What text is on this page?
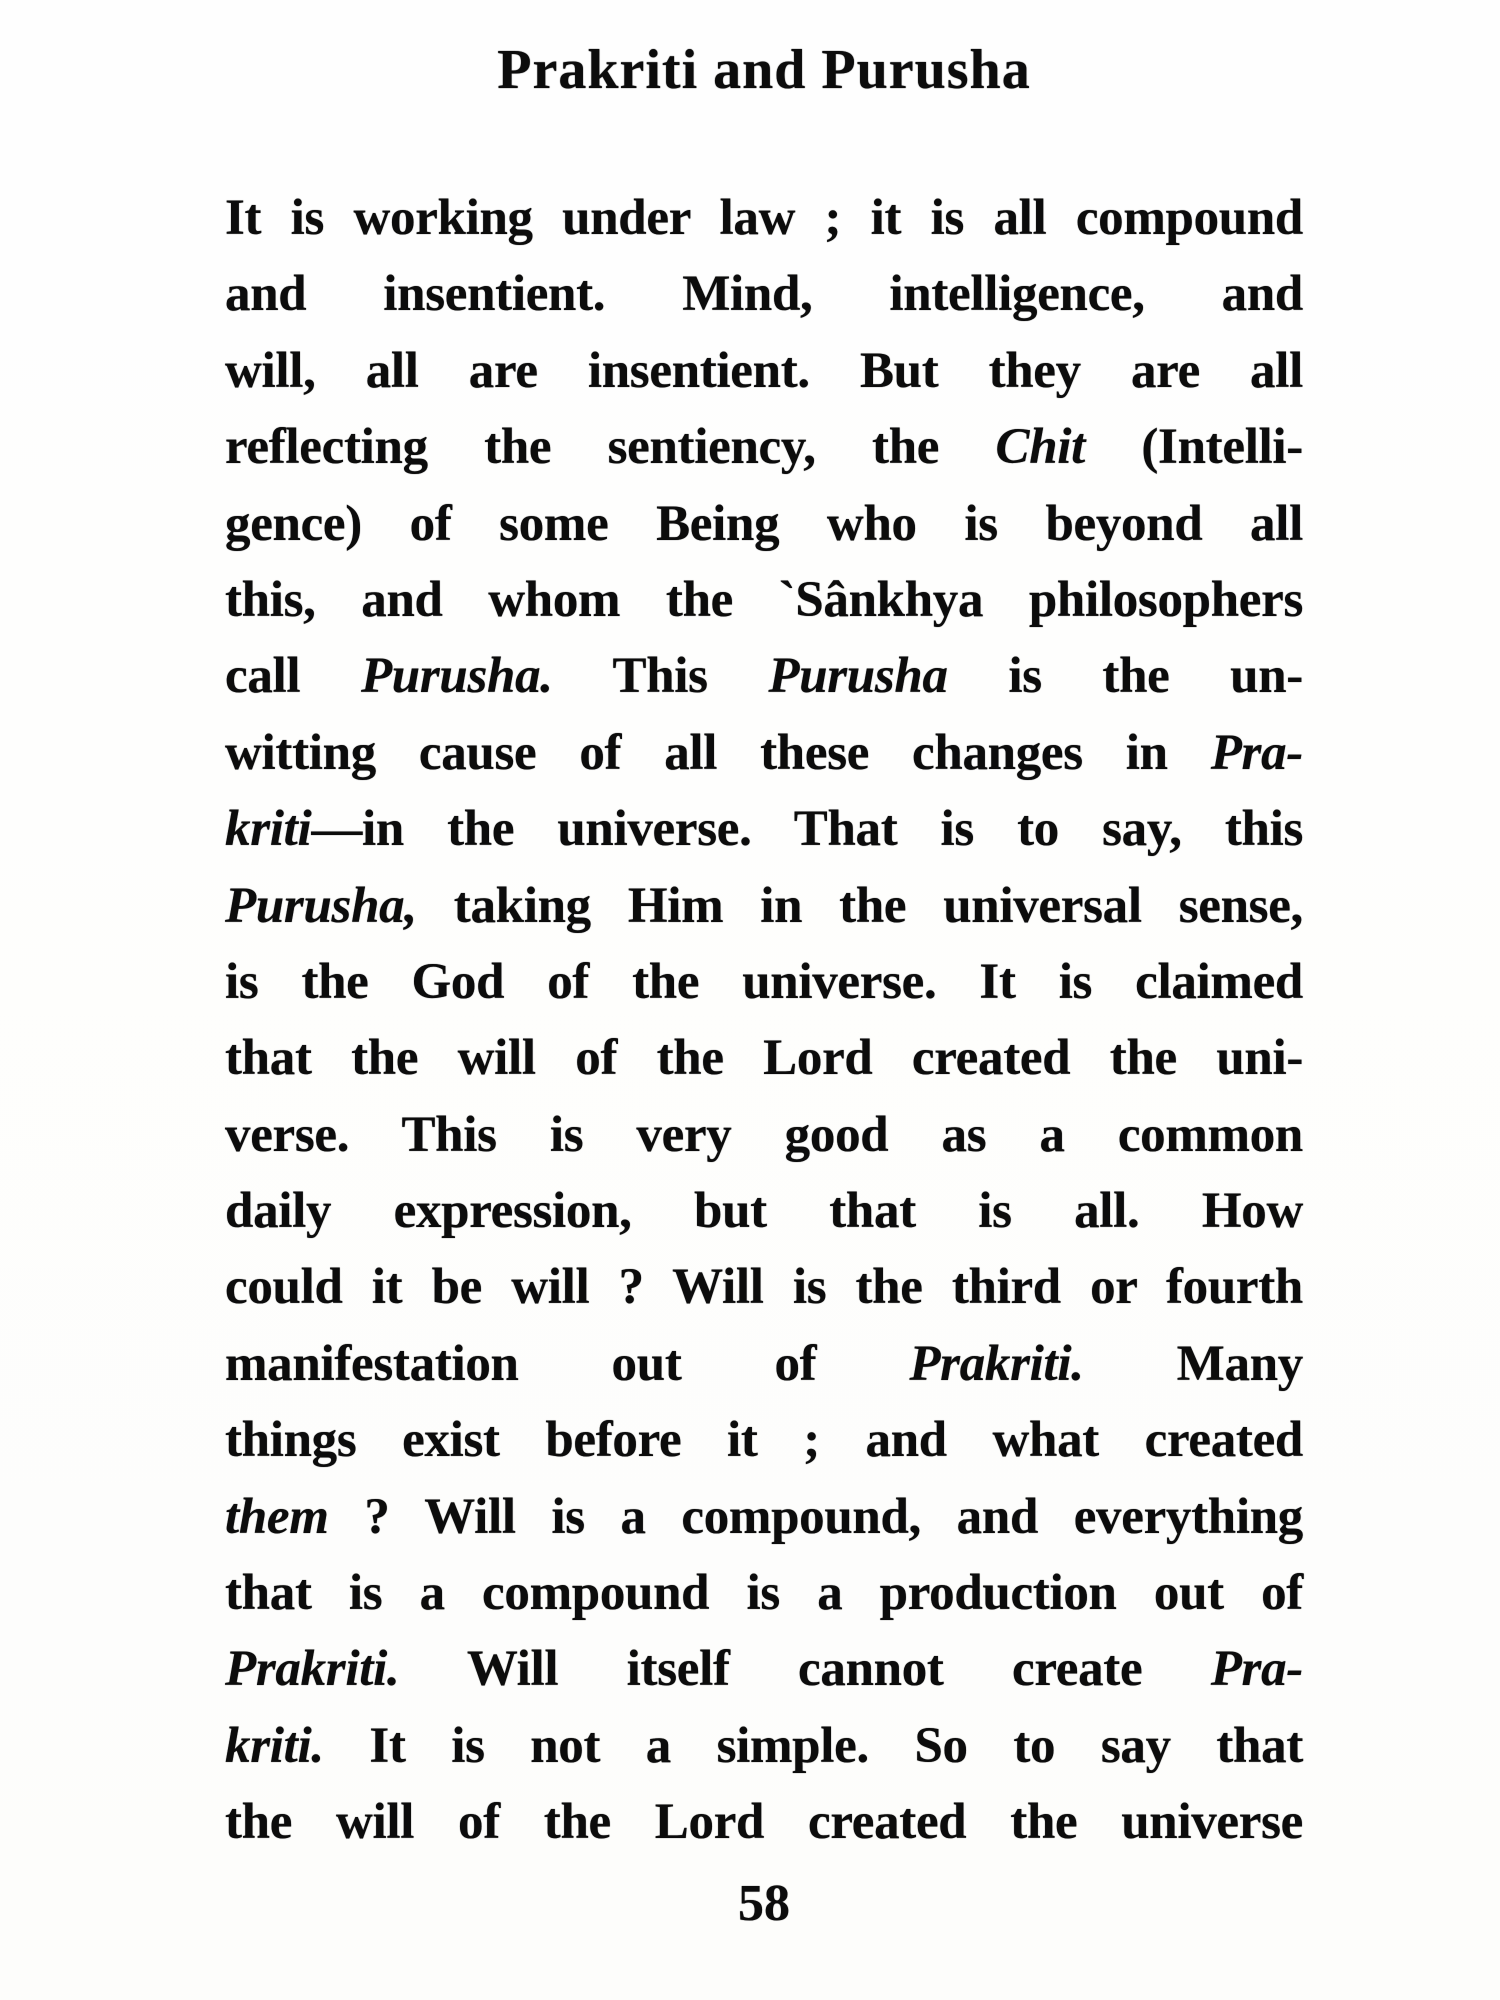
Prakriti and Purusha
It is working under law ; it is all compound
and insentient. Mind, intelligence, and
will, all are insentient. But they are all
reflecting the sentiency, the Chit (Intelli-
gence) of some Being who is beyond all
this, and whom the `Sânkhya philosophers
call Purusha. This Purusha is the un-
witting cause of all these changes in Pra-
kriti—in the universe. That is to say, this
Purusha, taking Him in the universal sense,
is the God of the universe. It is claimed
that the will of the Lord created the uni-
verse. This is very good as a common
daily expression, but that is all. How
could it be will ? Will is the third or fourth
manifestation out of Prakriti. Many
things exist before it ; and what created
them ? Will is a compound, and everything
that is a compound is a production out of
Prakriti. Will itself cannot create Pra-
kriti. It is not a simple. So to say that
the will of the Lord created the universe
58
